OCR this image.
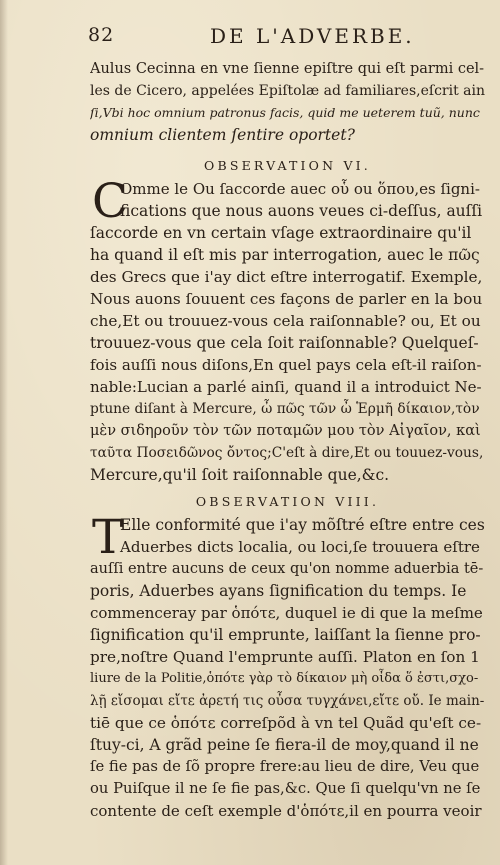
82	DE L'ADVERBE.
Aulus Cecinna en vne ſienne epiſtre qui eſt parmi cel-
les de Cicero, appelées Epiſtolæ ad familiares,eſcrit ain
ſi,Vbi hoc omnium patronus facis, quid me ueterem tuũ, nunc
omnium clientem ſentire oportet?
OBSERVATION VI.
C
Omme le Ou ſaccorde auec οὗ ou ὅπου,es ſigni-
fications que nous auons veues ci-deſſus, auſſi
ſaccorde en vn certain vſage extraordinaire qu'il
ha quand il eſt mis par interrogation, auec le πῶς
des Grecs que i'ay dict eſtre interrogatif. Exemple,
Nous auons ſouuent ces façons de parler en la bou
che,Et ou trouuez-vous cela raiſonnable? ou, Et ou
trouuez-vous que cela ſoit raiſonnable? Quelqueſ-
fois auſſi nous diſons,En quel pays cela eſt-il raiſon-
nable:Lucian a parlé ainſi, quand il a introduict Ne-
ptune diſant à Mercure, ὦ πῶς τῶν ὦ Ἑρμῆ δίκαιον,τὸν
μὲν σιδηροῦν τὸν τῶν ποταμῶν μου τὸν Αἰγαῖον, καὶ
ταῦτα Ποσειδῶνος ὄντος;C'eſt à dire,Et ou touuez-vous,
Mercure,qu'il ſoit raiſonnable que,&c.
OBSERVATION VIII.
T
Elle conformité que i'ay mõſtré eſtre entre ces
Aduerbes dicts localia, ou loci,ſe trouuera eſtre
auſſi entre aucuns de ceux qu'on nomme aduerbia tē-
poris, Aduerbes ayans ſignification du temps. Ie
commenceray par ὁπότε, duquel ie di que la meſme
ſignification qu'il emprunte, laiſſant la ſienne pro-
pre,noſtre Quand l'emprunte auſſi. Platon en ſon 1
liure de la Politie,ὁπότε γὰρ τὸ δίκαιον μὴ οἶδα ὅ ἐστι,σχο-
λῇ εἴσομαι εἴτε ἀρετή τις οὖσα τυγχάνει,εἴτε οὔ. Ie main-
tiē que ce ὁπότε correſpõd à vn tel Quãd qu'eſt ce-
ſtuy-ci, A grãd peine ſe fiera-il de moy,quand il ne
ſe fie pas de ſõ propre frere:au lieu de dire, Veu que
ou Puiſque il ne ſe fie pas,&c. Que ſi quelqu'vn ne ſe
contente de ceſt exemple d'ὁπότε,il en pourra veoir
